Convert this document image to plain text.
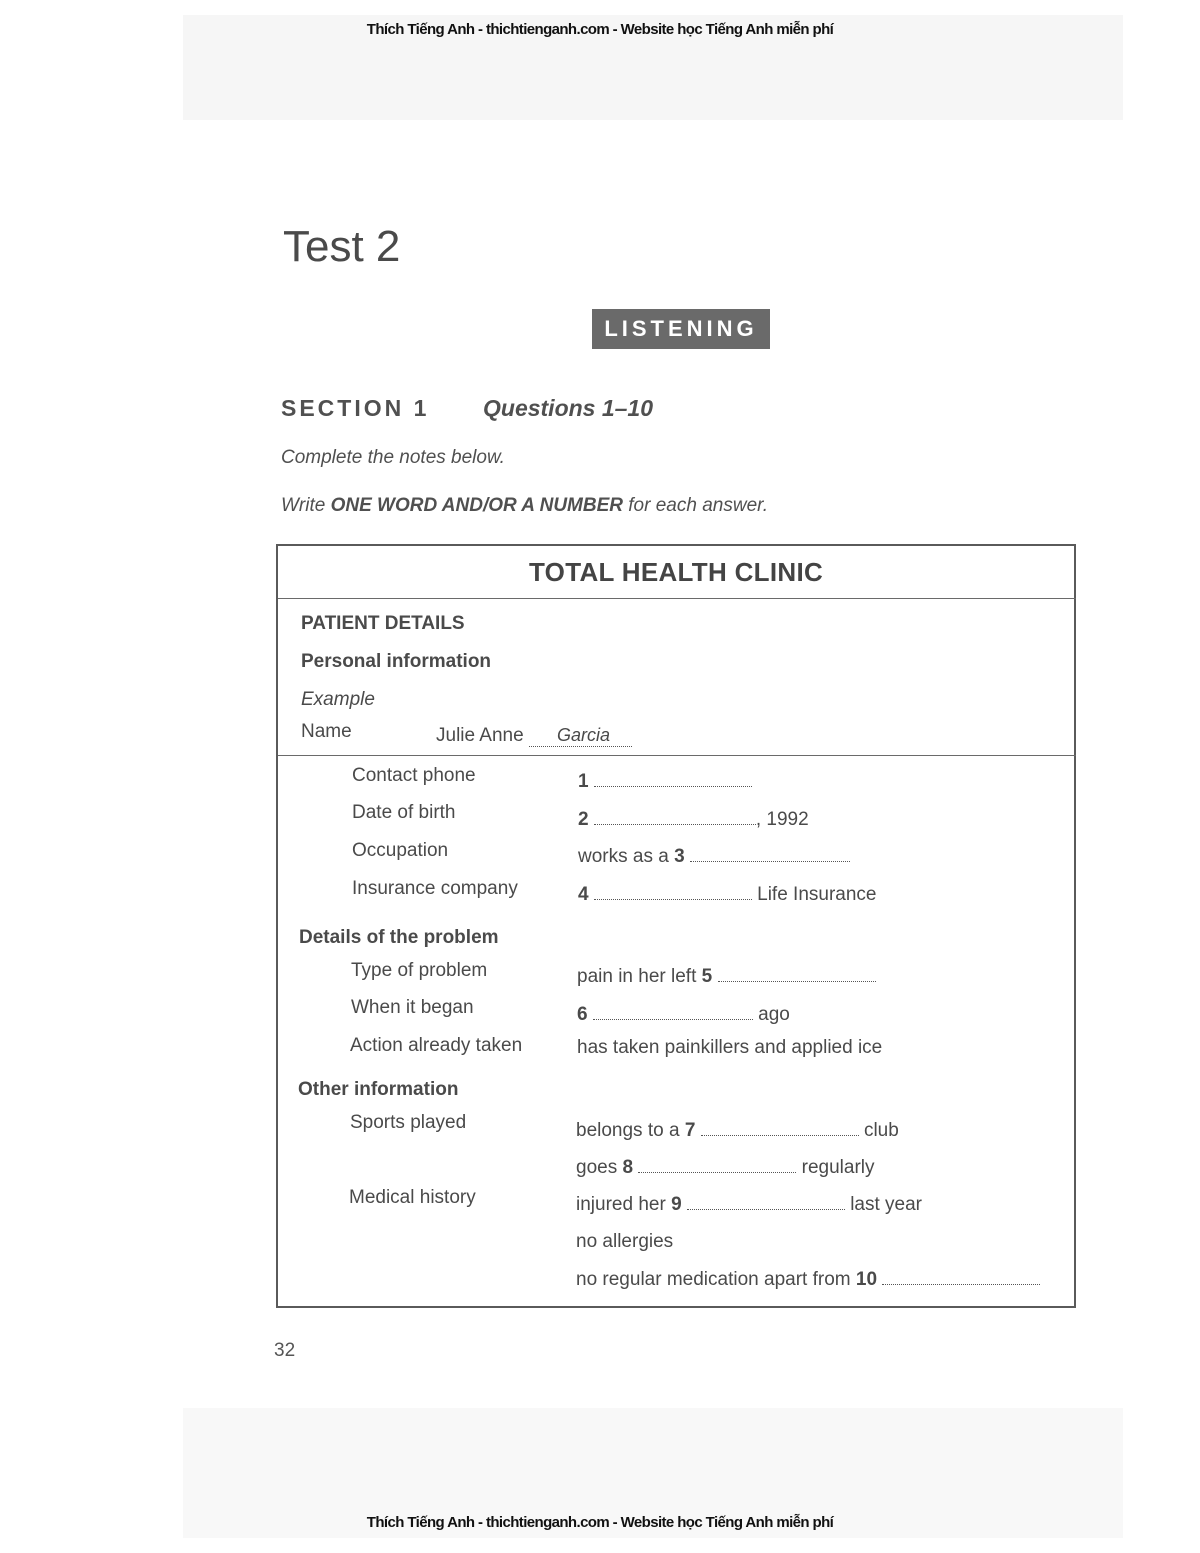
Thích Tiếng Anh - thichtienganh.com - Website học Tiếng Anh miễn phí
Test 2
LISTENING
SECTION 1 Questions 1–10
Complete the notes below.
Write ONE WORD AND/OR A NUMBER for each answer.
TOTAL HEALTH CLINIC
PATIENT DETAILS
Personal information
Example
Name	Julie Anne Garcia
Contact phone	1
Date of birth	2	, 1992
Occupation	works as a 3
Insurance company	4	Life Insurance
Details of the problem
Type of problem	pain in her left 5
When it began	6	ago
Action already taken	has taken painkillers and applied ice
Other information
Sports played	belongs to a 7	club
goes 8	regularly
Medical history	injured her 9	last year
no allergies
no regular medication apart from 10
32
Thích Tiếng Anh - thichtienganh.com - Website học Tiếng Anh miễn phí
